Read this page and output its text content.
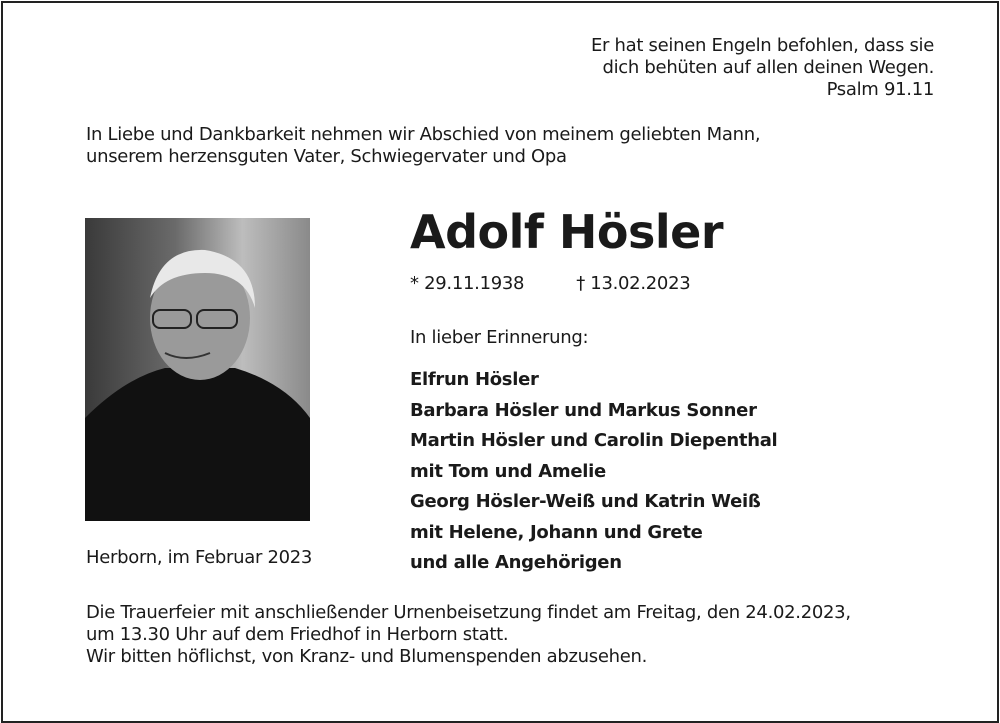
Er hat seinen Engeln befohlen, dass sie
dich behüten auf allen deinen Wegen.
Psalm 91.11
In Liebe und Dankbarkeit nehmen wir Abschied von meinem geliebten Mann,
unserem herzensguten Vater, Schwiegervater und Opa
Adolf Hösler
* 29.11.1938	† 13.02.2023
In lieber Erinnerung:
Elfrun Hösler
Barbara Hösler und Markus Sonner
Martin Hösler und Carolin Diepenthal
mit Tom und Amelie
Georg Hösler-Weiß und Katrin Weiß
mit Helene, Johann und Grete
und alle Angehörigen
Herborn, im Februar 2023
Die Trauerfeier mit anschließender Urnenbeisetzung findet am Freitag, den 24.02.2023,
um 13.30 Uhr auf dem Friedhof in Herborn statt.
Wir bitten höflichst, von Kranz- und Blumenspenden abzusehen.
